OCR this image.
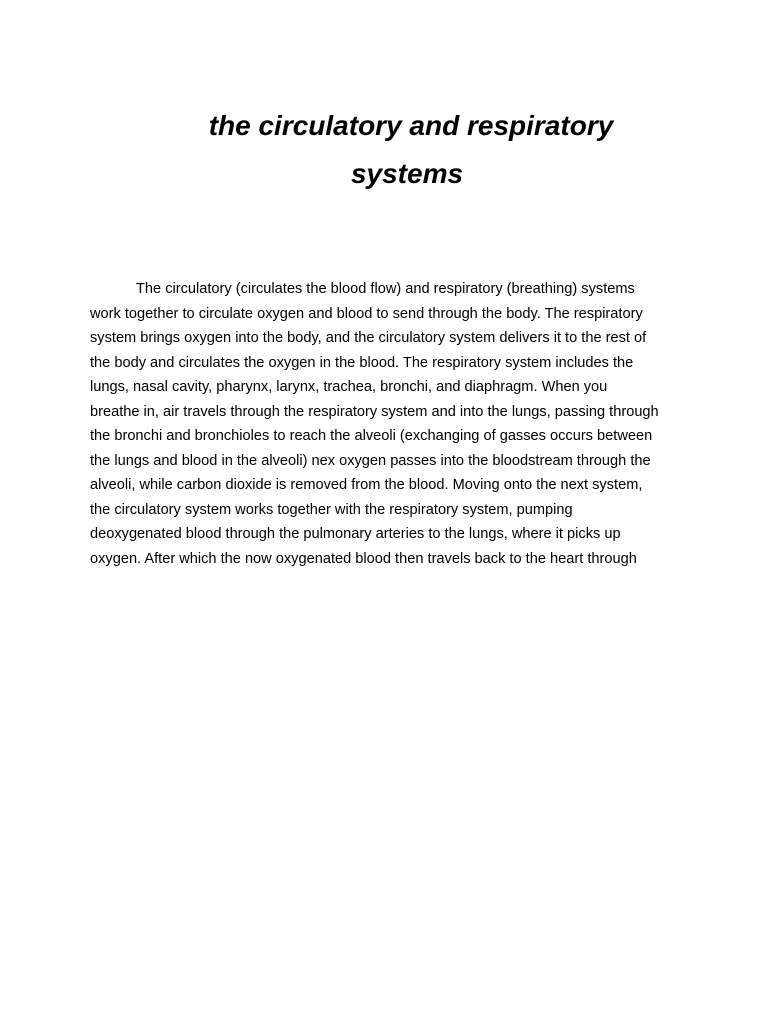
the circulatory and respiratory
systems

The circulatory (circulates the blood flow) and respiratory (breathing) systems
work together to circulate oxygen and blood to send through the body. The respiratory
system brings oxygen into the body, and the circulatory system delivers it to the rest of
the body and circulates the oxygen in the blood. The respiratory system includes the
lungs, nasal cavity, pharynx, larynx, trachea, bronchi, and diaphragm. When you
breathe in, air travels through the respiratory system and into the lungs, passing through
the bronchi and bronchioles to reach the alveoli (exchanging of gasses occurs between
the lungs and blood in the alveoli) nex oxygen passes into the bloodstream through the
alveoli, while carbon dioxide is removed from the blood. Moving onto the next system,
the circulatory system works together with the respiratory system, pumping
deoxygenated blood through the pulmonary arteries to the lungs, where it picks up
oxygen. After which the now oxygenated blood then travels back to the heart through
